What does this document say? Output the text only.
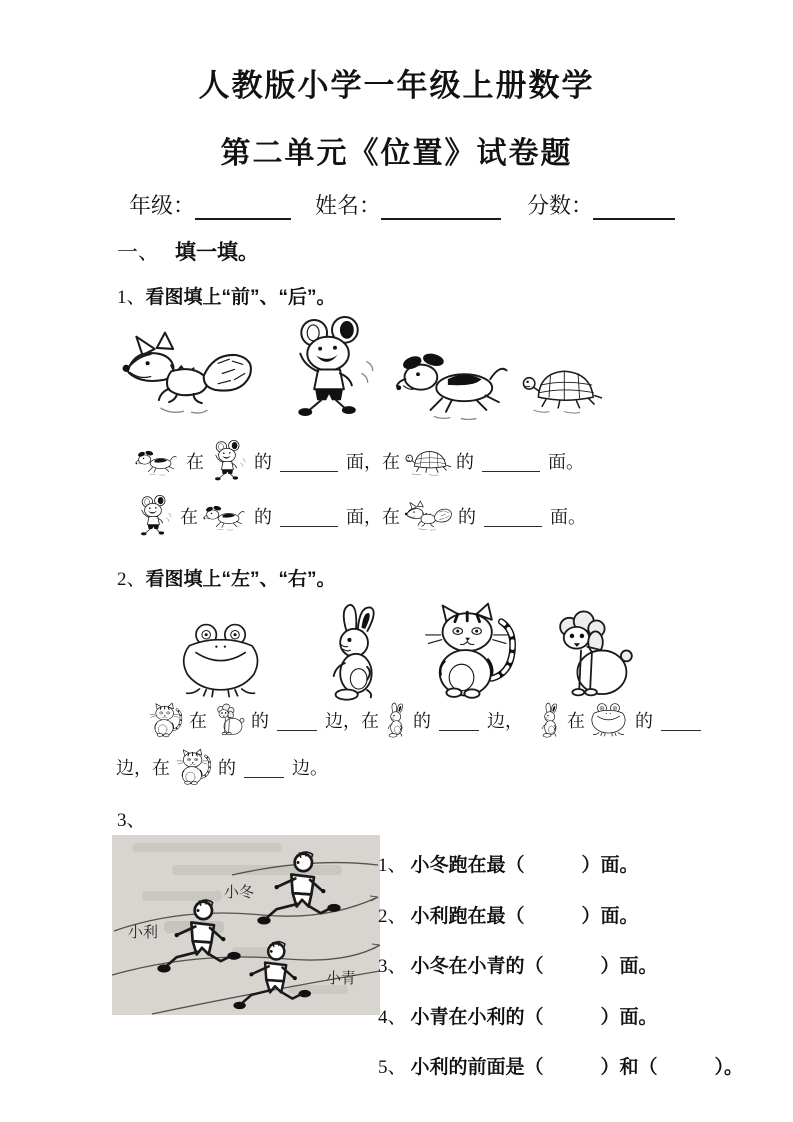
人教版小学一年级上册数学
第二单元《位置》试卷题
年级：	姓名：	分数：
一、 填一填。
1、看图填上“前”、“后”。
在	的	面，在	的	面。
在	的	面，在	的	面。
2、看图填上“左”、“右”。
在 的	边，在 的	边， 在	的
边，在	的	边。
3、
小冬
小利
小青
1、 小冬跑在最（　　　）面。
2、 小利跑在最（　　　）面。
3、 小冬在小青的（　　　）面。
4、 小青在小利的（　　　）面。
5、 小利的前面是（　　　）和（　　　）。
